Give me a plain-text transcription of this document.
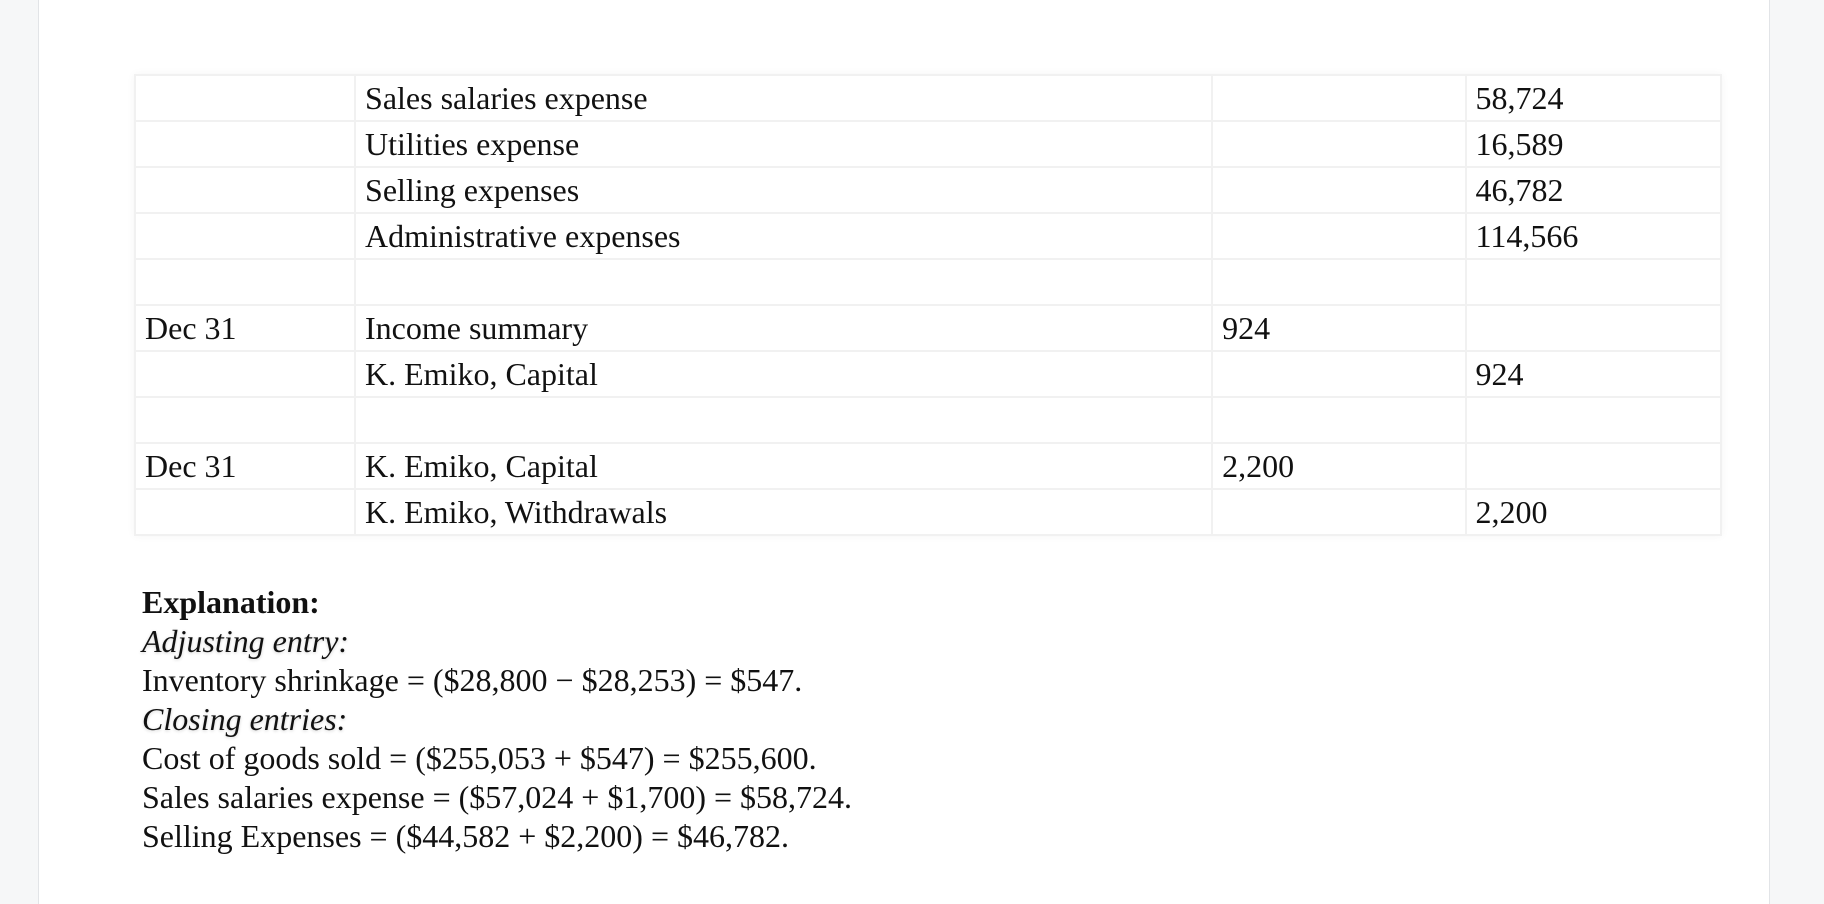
	Sales salaries expense		58,724
	Utilities expense		16,589
	Selling expenses		46,782
	Administrative expenses		114,566

Dec 31	Income summary	924	
	K. Emiko, Capital		924

Dec 31	K. Emiko, Capital	2,200	
	K. Emiko, Withdrawals		2,200
Explanation:
Adjusting entry:
Inventory shrinkage = ($28,800 − $28,253) = $547.
Closing entries:
Cost of goods sold = ($255,053 + $547) = $255,600.
Sales salaries expense = ($57,024 + $1,700) = $58,724.
Selling Expenses = ($44,582 + $2,200) = $46,782.
